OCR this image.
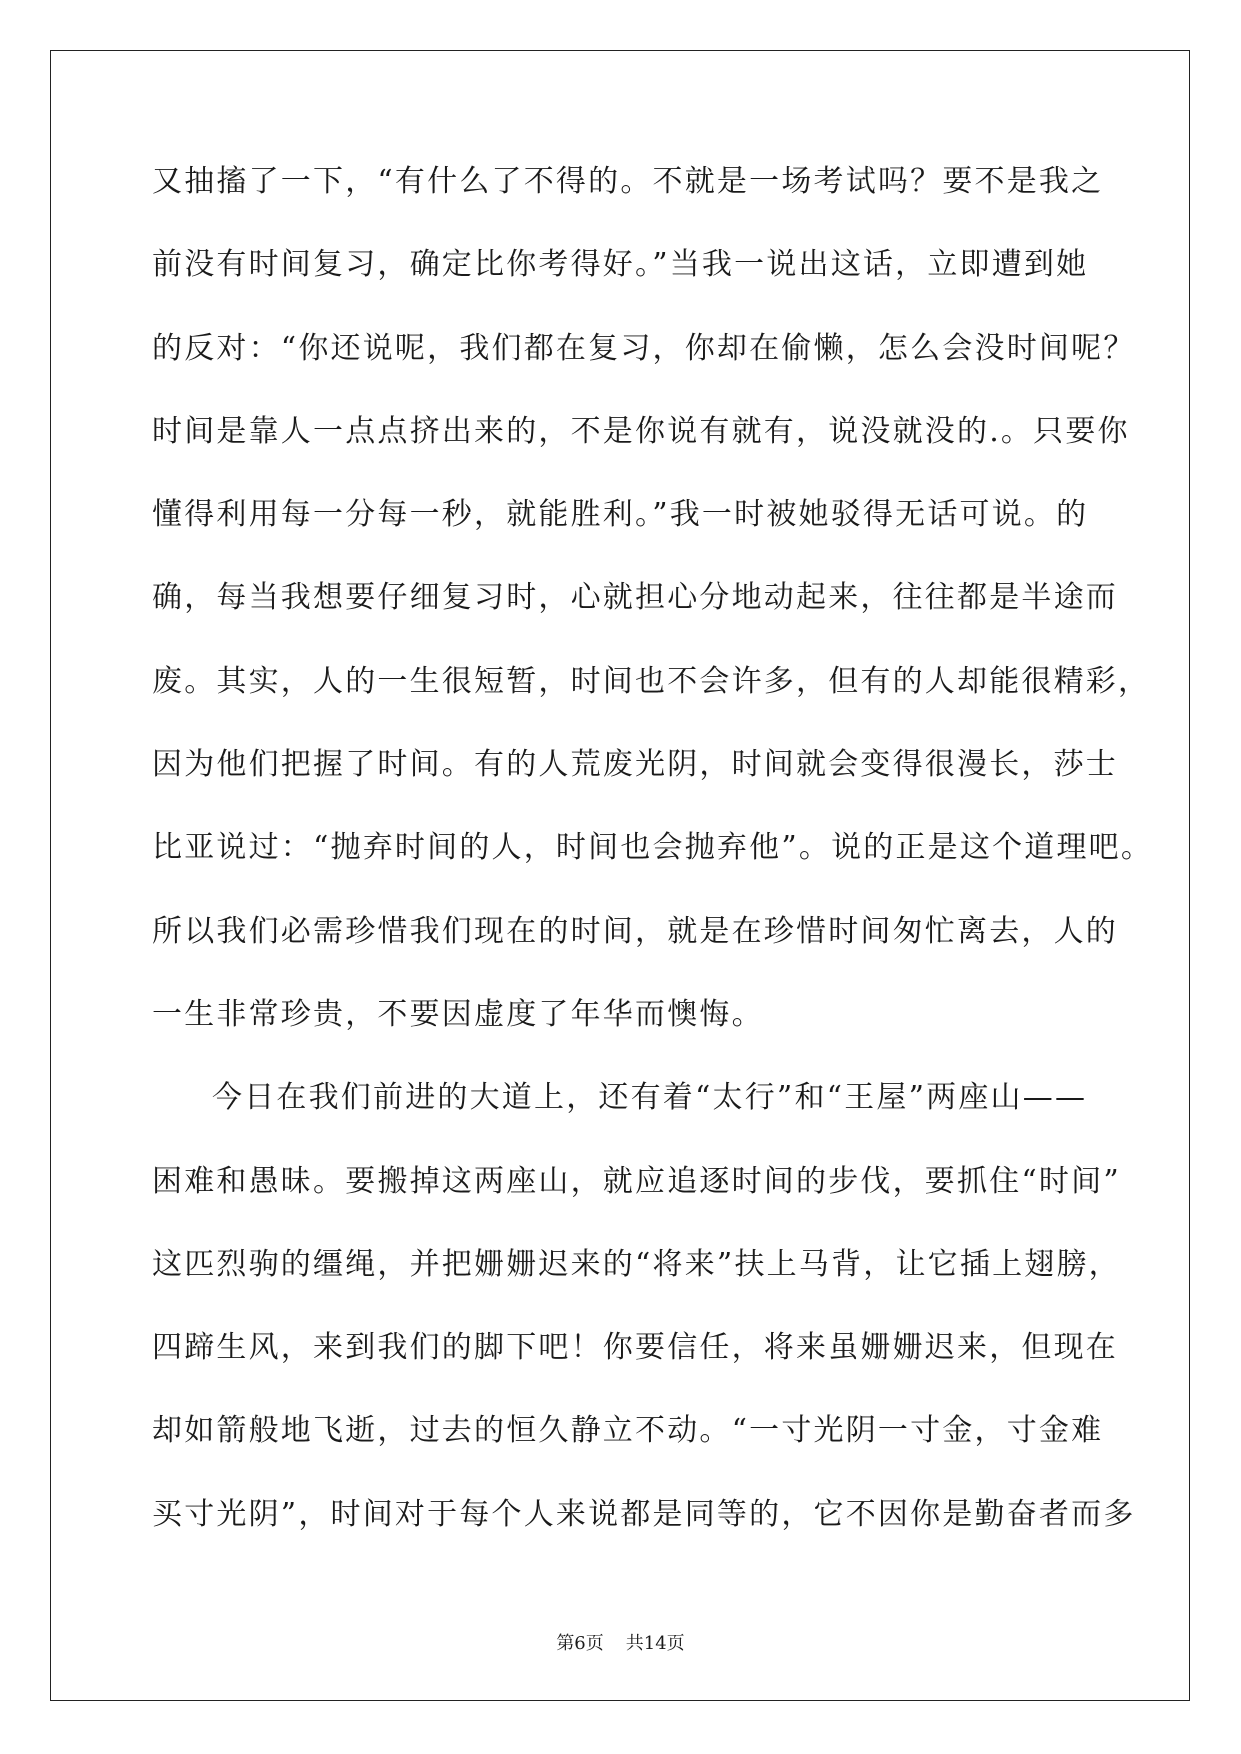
又抽搐了一下，“有什么了不得的。不就是一场考试吗？要不是我之
前没有时间复习，确定比你考得好。”当我一说出这话，立即遭到她
的反对：“你还说呢，我们都在复习，你却在偷懒，怎么会没时间呢？
时间是靠人一点点挤出来的，不是你说有就有，说没就没的.。只要你
懂得利用每一分每一秒，就能胜利。”我一时被她驳得无话可说。的
确，每当我想要仔细复习时，心就担心分地动起来，往往都是半途而
废。其实，人的一生很短暂，时间也不会许多，但有的人却能很精彩，
因为他们把握了时间。有的人荒废光阴，时间就会变得很漫长，莎士
比亚说过：“抛弃时间的人，时间也会抛弃他”。说的正是这个道理吧。
所以我们必需珍惜我们现在的时间，就是在珍惜时间匆忙离去，人的
一生非常珍贵，不要因虚度了年华而懊悔。
今日在我们前进的大道上，还有着“太行”和“王屋”两座山——
困难和愚昧。要搬掉这两座山，就应追逐时间的步伐，要抓住“时间”
这匹烈驹的缰绳，并把姗姗迟来的“将来”扶上马背，让它插上翅膀，
四蹄生风，来到我们的脚下吧！你要信任，将来虽姗姗迟来，但现在
却如箭般地飞逝，过去的恒久静立不动。“一寸光阴一寸金，寸金难
买寸光阴”，时间对于每个人来说都是同等的，它不因你是勤奋者而多
第6页 共14页
